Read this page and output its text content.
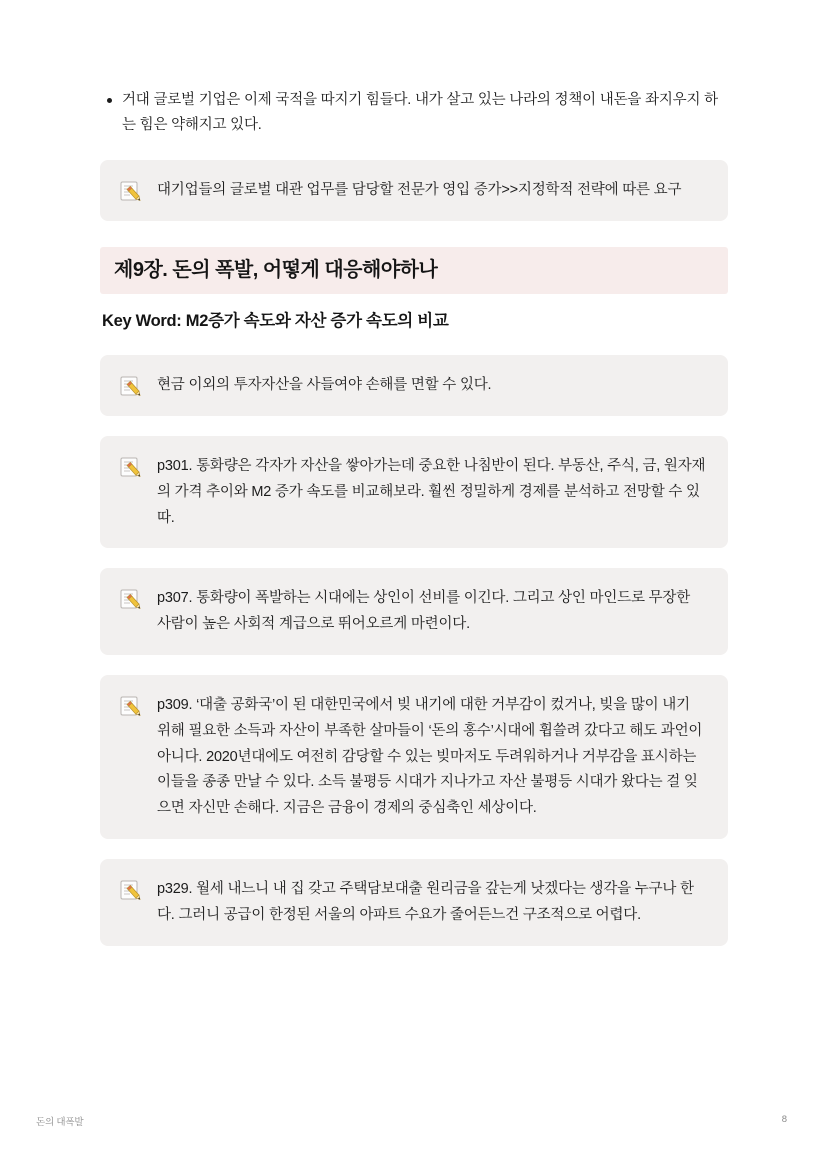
거대 글로벌 기업은 이제 국적을 따지기 힘들다. 내가 살고 있는 나라의 정책이 내돈을 좌지우지 하는 힘은 약해지고 있다.
대기업들의 글로벌 대관 업무를 담당할 전문가 영입 증가>>지정학적 전략에 따른 요구
제9장. 돈의 폭발, 어떻게 대응해야하나
Key Word: M2증가 속도와 자산 증가 속도의 비교
현금 이외의 투자자산을 사들여야 손해를 면할 수 있다.
p301. 통화량은 각자가 자산을 쌓아가는데 중요한 나침반이 된다. 부동산, 주식, 금, 원자재의 가격 추이와 M2 증가 속도를 비교해보라. 훨씬 정밀하게 경제를 분석하고 전망할 수 있따.
p307. 통화량이 폭발하는 시대에는 상인이 선비를 이긴다. 그리고 상인 마인드로 무장한 사람이 높은 사회적 계급으로 뛰어오르게 마련이다.
p309. ‘대출 공화국’이 된 대한민국에서 빚 내기에 대한 거부감이 컸거나, 빚을 많이 내기 위해 필요한 소득과 자산이 부족한 살마들이 ‘돈의 홍수’시대에 휩쓸려 갔다고 해도 과언이 아니다. 2020년대에도 여전히 감당할 수 있는 빚마저도 두려워하거나 거부감을 표시하는 이들을 종종 만날 수 있다. 소득 불평등 시대가 지나가고 자산 불평등 시대가 왔다는 걸 잊으면 자신만 손해다. 지금은 금융이 경제의 중심축인 세상이다.
p329. 월세 내느니 내 집 갖고 주택담보대출 원리금을 갚는게 낫겠다는 생각을 누구나 한다. 그러니 공급이 한정된 서울의 아파트 수요가 줄어든느건 구조적으로 어렵다.
돈의 대폭발	8
